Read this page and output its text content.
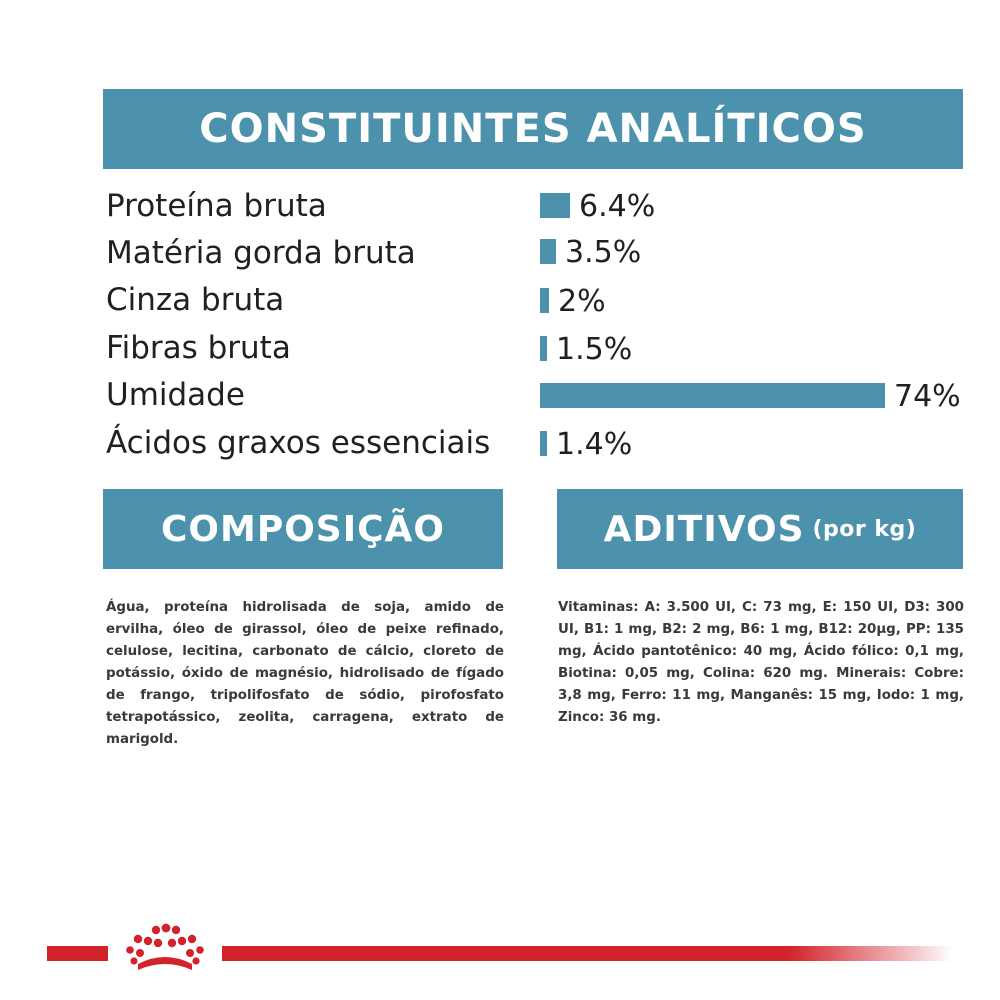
CONSTITUINTES ANALÍTICOS
Proteína bruta	6.4%
Matéria gorda bruta	3.5%
Cinza bruta	2%
Fibras bruta	1.5%
Umidade	74%
Ácidos graxos essenciais 1.4%
COMPOSIÇÃO	ADITIVOS (por kg)

Água, proteína hidrolisada de soja, amido de ervilha, óleo de girassol, óleo de peixe refinado, celulose, lecitina, carbonato de cálcio, cloreto de potássio, óxido de magnésio, hidrolisado de fígado de frango, tripolifosfato de sódio, pirofosfato tetrapotássico, zeolita, carragena, extrato de marigold.

Vitaminas: A: 3.500 UI, C: 73 mg, E: 150 UI, D3: 300 UI, B1: 1 mg, B2: 2 mg, B6: 1 mg, B12: 20µg, PP: 135 mg, Ácido pantotênico: 40 mg, Ácido fólico: 0,1 mg, Biotina: 0,05 mg, Colina: 620 mg. Minerais: Cobre: 3,8 mg, Ferro: 11 mg, Manganês: 15 mg, Iodo: 1 mg, Zinco: 36 mg.
